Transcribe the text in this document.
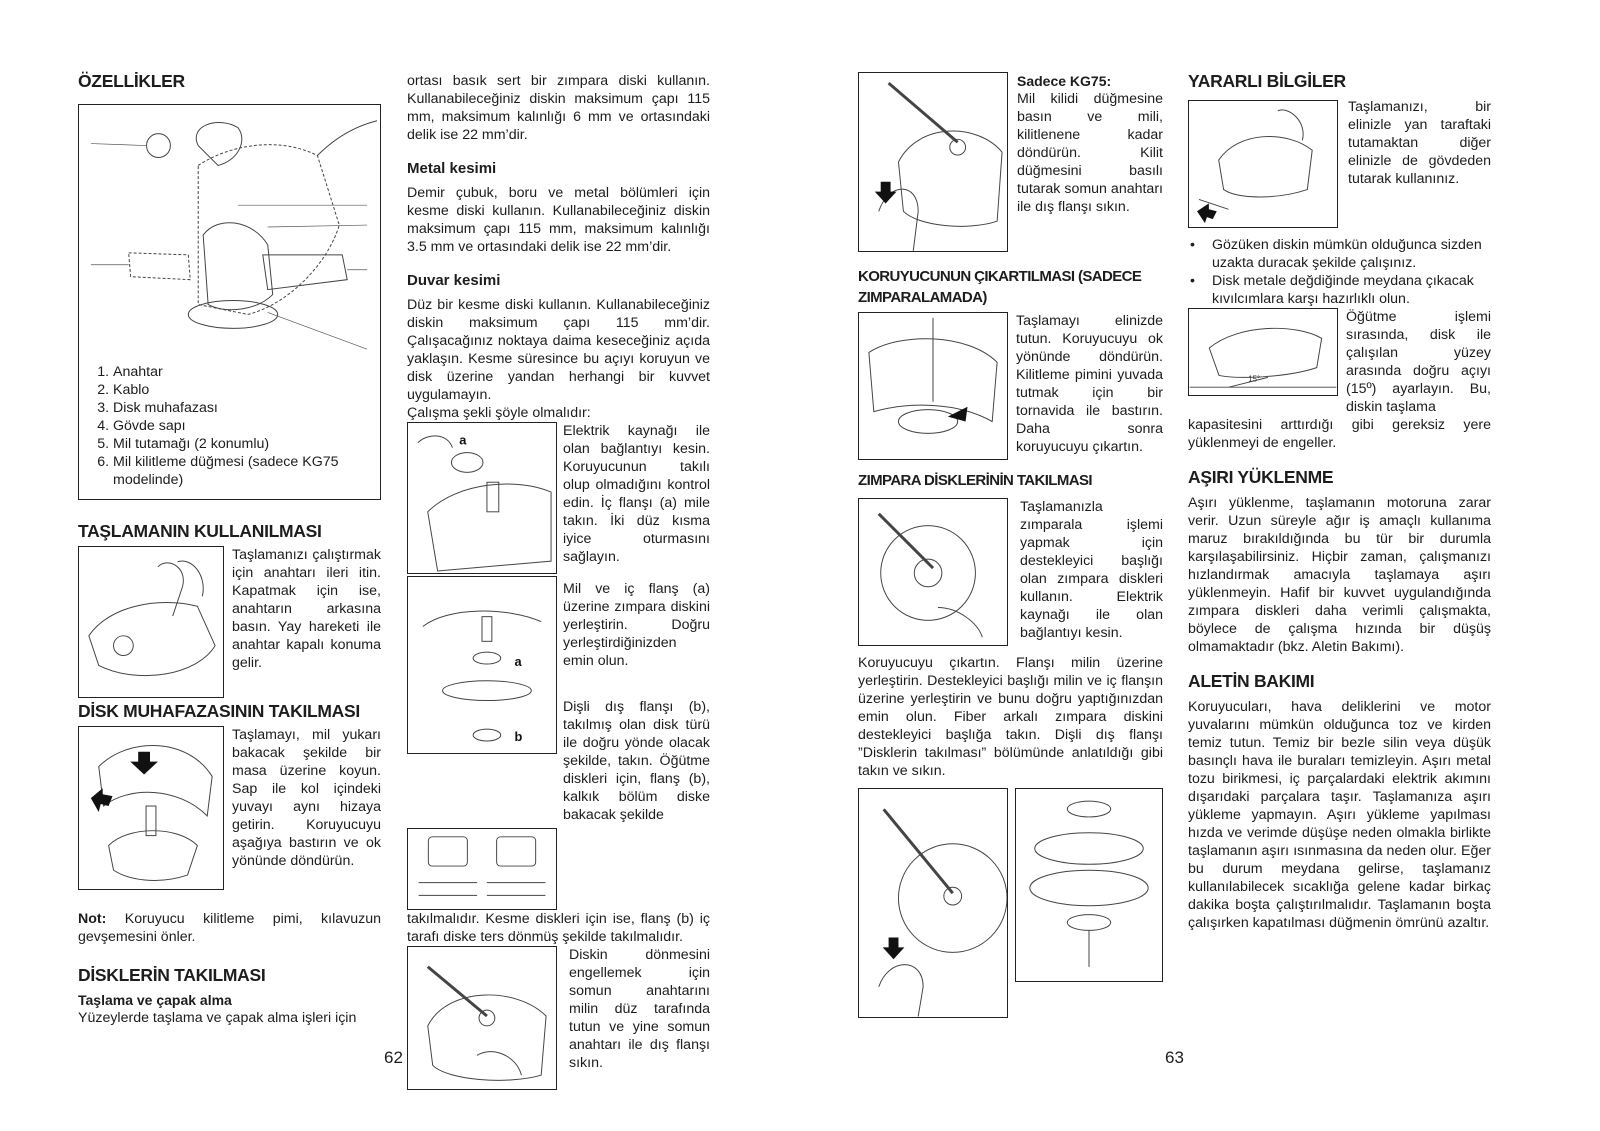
ÖZELLİKLER
1. Anahtar
2. Kablo
3. Disk muhafazası
4. Gövde sapı
5. Mil tutamağı (2 konumlu)
6. Mil kilitleme düğmesi (sadece KG75 modelinde)
TAŞLAMANIN KULLANILMASI

Taşlamanızı çalıştırmak için anahtarı ileri itin. Kapatmak için ise, anahtarın arkasına basın. Yay hareketi ile anahtar kapalı konuma gelir.

DİSK MUHAFAZASININ TAKILMASI

Taşlamayı, mil yukarı bakacak şekilde bir masa üzerine koyun. Sap ile kol içindeki yuvayı aynı hizaya getirin. Koruyucuyu aşağıya bastırın ve ok yönünde döndürün.

Not: Koruyucu kilitleme pimi, kılavuzun gevşemesini önler.

DİSKLERİN TAKILMASI
Taşlama ve çapak alma

Yüzeylerde taşlama ve çapak alma işleri için

ortası basık sert bir zımpara diski kullanın. Kullanabileceğiniz diskin maksimum çapı 115 mm, maksimum kalınlığı 6 mm ve ortasındaki delik ise 22 mm’dir.

Metal kesimi

Demir çubuk, boru ve metal bölümleri için kesme diski kullanın. Kullanabileceğiniz diskin maksimum çapı 115 mm, maksimum kalınlığı 3.5 mm ve ortasındaki delik ise 22 mm’dir.

Duvar kesimi

Düz bir kesme diski kullanın. Kullanabileceğiniz diskin maksimum çapı 115 mm’dir. Çalışacağınız noktaya daima keseceğiniz açıda yaklaşın. Kesme süresince bu açıyı koruyun ve disk üzerine yandan herhangi bir kuvvet uygulamayın.

Çalışma şekli şöyle olmalıdır:

a

Elektrik kaynağı ile olan bağlantıyı kesin. Koruyucunun takılı olup olmadığını kontrol edin. İç flanşı (a) mile takın. İki düz kısma iyice oturmasını sağlayın.

a
b

Mil ve iç flanş (a) üzerine zımpara diskini yerleştirin. Doğru yerleştirdiğinizden emin olun.

Dişli dış flanşı (b), takılmış olan disk türü ile doğru yönde olacak şekilde, takın. Öğütme diskleri için, flanş (b), kalkık bölüm diske bakacak şekilde

takılmalıdır. Kesme diskleri için ise, flanş (b) iç tarafı diske ters dönmüş şekilde takılmalıdır.

Diskin dönmesini engellemek için somun anahtarını milin düz tarafında tutun ve yine somun anahtarı ile dış flanşı sıkın.

62
Sadece KG75:

Mil kilidi düğmesine basın ve mili, kilitlenene kadar döndürün. Kilit düğmesini basılı tutarak somun anahtarı ile dış flanşı sıkın.

KORUYUCUNUN ÇIKARTILMASI (SADECE ZIMPARALAMADA)

Taşlamayı elinizde tutun. Koruyucuyu ok yönünde döndürün. Kilitleme pimini yuvada tutmak için bir tornavida ile bastırın. Daha sonra koruyucuyu çıkartın.

ZIMPARA DİSKLERİNİN TAKILMASI

Taşlamanızla zımparala işlemi yapmak için destekleyici başlığı olan zımpara diskleri kullanın. Elektrik kaynağı ile olan bağlantıyı kesin.

Koruyucuyu çıkartın. Flanşı milin üzerine yerleştirin. Destekleyici başlığı milin ve iç flanşın üzerine yerleştirin ve bunu doğru yaptığınızdan emin olun. Fiber arkalı zımpara diskini destekleyici başlığa takın. Dişli dış flanşı ”Disklerin takılması” bölümünde anlatıldığı gibi takın ve sıkın.

YARARLI BİLGİLER

Taşlamanızı, bir elinizle yan taraftaki tutamaktan diğer elinizle de gövdeden tutarak kullanınız.

• Gözüken diskin mümkün olduğunca sizden uzakta duracak şekilde çalışınız.
• Disk metale değdiğinde meydana çıkacak kıvılcımlara karşı hazırlıklı olun.
15°

Öğütme işlemi sırasında, disk ile çalışılan yüzey arasında doğru açıyı (15º) ayarlayın. Bu, diskin taşlama

kapasitesini arttırdığı gibi gereksiz yere yüklenmeyi de engeller.

AŞIRI YÜKLENME

Aşırı yüklenme, taşlamanın motoruna zarar verir. Uzun süreyle ağır iş amaçlı kullanıma maruz bırakıldığında bu tür bir durumla karşılaşabilirsiniz. Hiçbir zaman, çalışmanızı hızlandırmak amacıyla taşlamaya aşırı yüklenmeyin. Hafif bir kuvvet uygulandığında zımpara diskleri daha verimli çalışmakta, böylece de çalışma hızında bir düşüş olmamaktadır (bkz. Aletin Bakımı).

ALETİN BAKIMI

Koruyucuları, hava deliklerini ve motor yuvalarını mümkün olduğunca toz ve kirden temiz tutun. Temiz bir bezle silin veya düşük basınçlı hava ile buraları temizleyin. Aşırı metal tozu birikmesi, iç parçalardaki elektrik akımını dışarıdaki parçalara taşır. Taşlamanıza aşırı yükleme yapmayın. Aşırı yükleme yapılması hızda ve verimde düşüşe neden olmakla birlikte taşlamanın aşırı ısınmasına da neden olur. Eğer bu durum meydana gelirse, taşlamanız kullanılabilecek sıcaklığa gelene kadar birkaç dakika boşta çalıştırılmalıdır. Taşlamanın boşta çalışırken kapatılması düğmenin ömrünü azaltır.

63
